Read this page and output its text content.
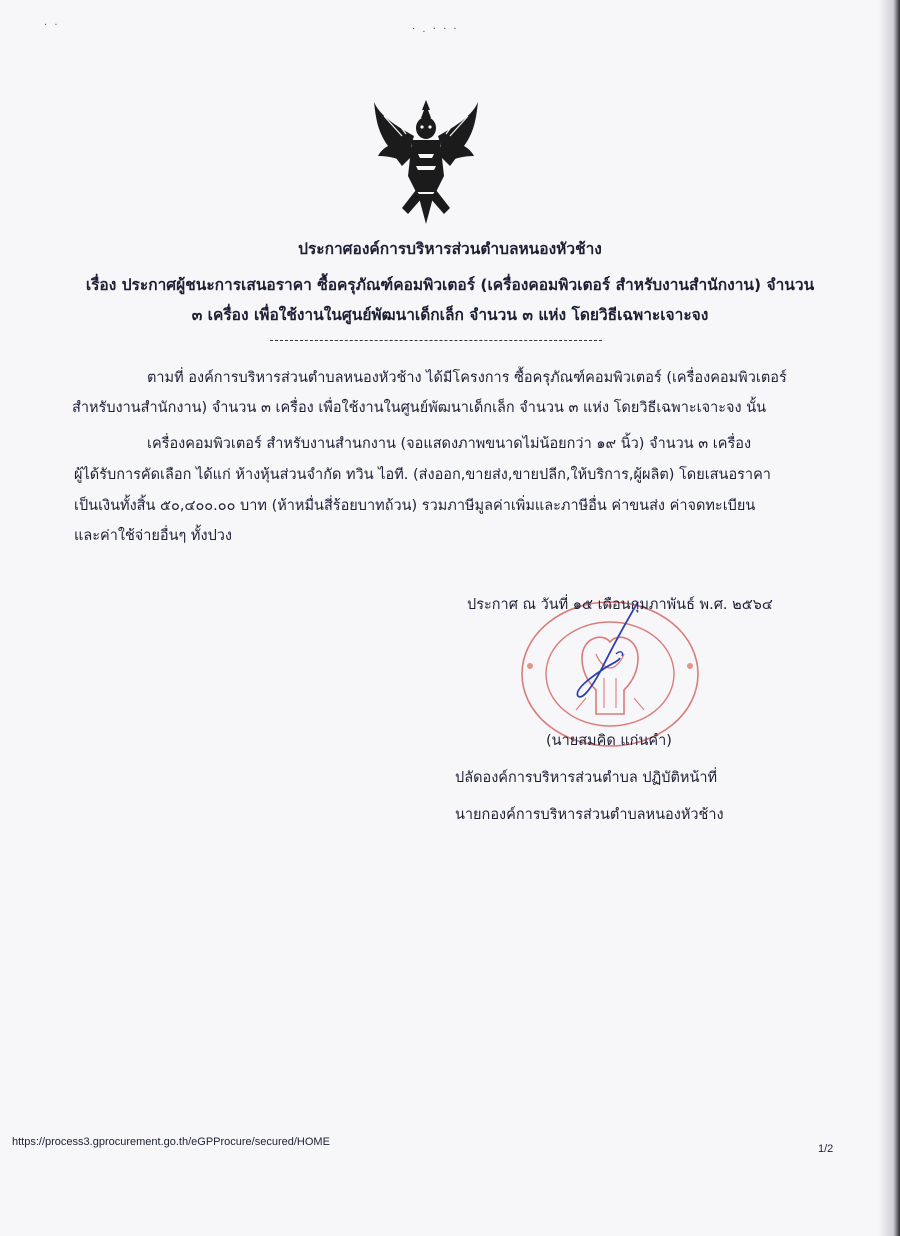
· ·	· . · · ·
ประกาศองค์การบริหารส่วนตำบลหนองหัวช้าง
เรื่อง ประกาศผู้ชนะการเสนอราคา ซื้อครุภัณฑ์คอมพิวเตอร์ (เครื่องคอมพิวเตอร์ สำหรับงานสำนักงาน) จำนวน
๓ เครื่อง เพื่อใช้งานในศูนย์พัฒนาเด็กเล็ก จำนวน ๓ แห่ง โดยวิธีเฉพาะเจาะจง
ตามที่ องค์การบริหารส่วนตำบลหนองหัวช้าง ได้มีโครงการ ซื้อครุภัณฑ์คอมพิวเตอร์ (เครื่องคอมพิวเตอร์
สำหรับงานสำนักงาน) จำนวน ๓ เครื่อง เพื่อใช้งานในศูนย์พัฒนาเด็กเล็ก จำนวน ๓ แห่ง โดยวิธีเฉพาะเจาะจง นั้น
เครื่องคอมพิวเตอร์ สำหรับงานสำนกงาน (จอแสดงภาพขนาดไม่น้อยกว่า ๑๙ นิ้ว) จำนวน ๓ เครื่อง
ผู้ได้รับการคัดเลือก ได้แก่ ห้างหุ้นส่วนจำกัด ทวิน ไอที. (ส่งออก,ขายส่ง,ขายปลีก,ให้บริการ,ผู้ผลิต) โดยเสนอราคา
เป็นเงินทั้งสิ้น ๕๐,๔๐๐.๐๐ บาท (ห้าหมื่นสี่ร้อยบาทถ้วน) รวมภาษีมูลค่าเพิ่มและภาษีอื่น ค่าขนส่ง ค่าจดทะเบียน
และค่าใช้จ่ายอื่นๆ ทั้งปวง
ประกาศ ณ วันที่ ๑๕ เดือนกุมภาพันธ์ พ.ศ. ๒๕๖๔
(นายสมคิด แก่นคำ)
ปลัดองค์การบริหารส่วนตำบล ปฏิบัติหน้าที่
นายกองค์การบริหารส่วนตำบลหนองหัวช้าง
https://process3.gprocurement.go.th/eGPProcure/secured/HOME
1/2
